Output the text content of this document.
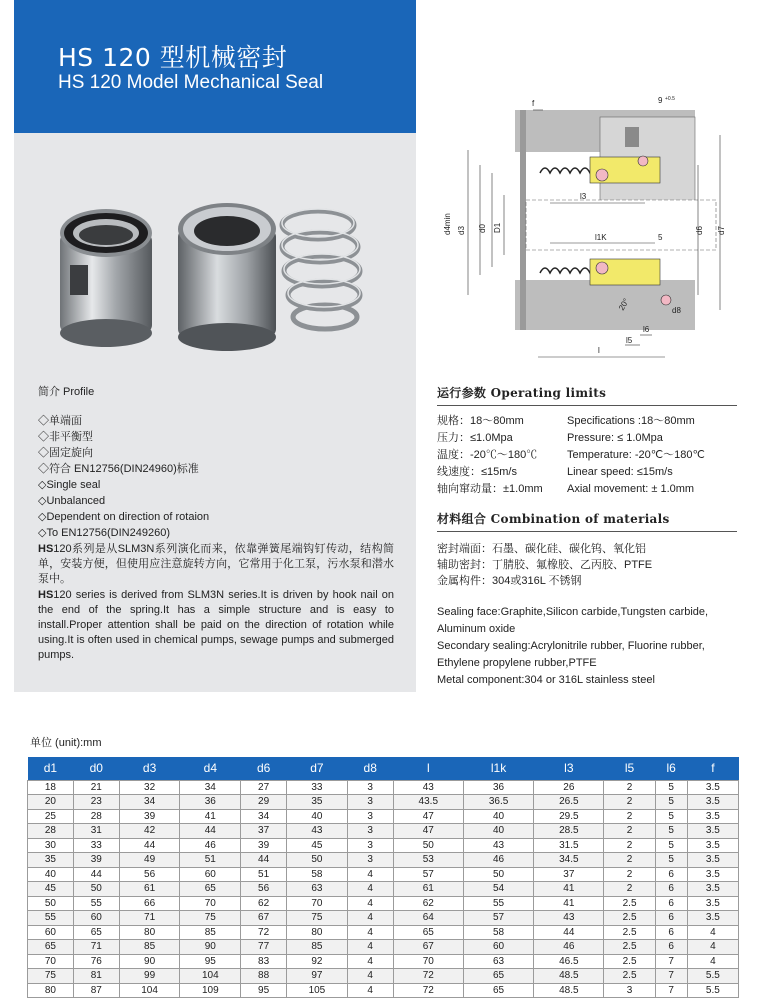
HS 120 型机械密封
HS 120 Model Mechanical Seal
f	9 +0.5
l3
l1K	5
d4min d3 d0 D1	d6 d7
20°	d8
l6
l5
l
简介 Profile
◇单端面
◇非平衡型
◇固定旋向
◇符合 EN12756(DIN24960)标准
◇Single seal
◇Unbalanced
◇Dependent on direction of rotaion
◇To EN12756(DIN249260)
HS120系列是从SLM3N系列演化而来，依靠弹簧尾端钩钉传动，结构简单，安装方便，但使用应注意旋转方向，它常用于化工泵，污水泵和潜水泵中。
HS120 series is derived from SLM3N series.It is driven by hook nail on the end of the spring.It has a simple structure and is easy to install.Proper attention shall be paid on the direction of rotation while using.It is often used in chemical pumps, sewage pumps and submerged pumps.
运行参数 Operating limits
规格：18～80mm	Specifications :18～80mm
压力：≤1.0Mpa	Pressure: ≤ 1.0Mpa
温度：-20℃～180℃	Temperature: -20℃～180℃
线速度：≤15m/s	Linear speed: ≤15m/s
轴向窜动量：±1.0mm	Axial movement: ± 1.0mm
材料组合 Combination of materials
密封端面：石墨、碳化硅、碳化钨、氧化铝
辅助密封：丁腈胶、氟橡胶、乙丙胶、PTFE
金属构件：304或316L 不锈钢
Sealing face:Graphite,Silicon carbide,Tungsten carbide, Aluminum oxide
Secondary sealing:Acrylonitrile rubber, Fluorine rubber, Ethylene propylene rubber,PTFE
Metal component:304 or 316L stainless steel
单位 (unit):mm
d1	d0	d3	d4	d6	d7	d8	l	l1k	l3	l5	l6	f
18	21	32	34	27	33	3	43	36	26	2	5	3.5
20	23	34	36	29	35	3	43.5	36.5	26.5	2	5	3.5
25	28	39	41	34	40	3	47	40	29.5	2	5	3.5
28	31	42	44	37	43	3	47	40	28.5	2	5	3.5
30	33	44	46	39	45	3	50	43	31.5	2	5	3.5
35	39	49	51	44	50	3	53	46	34.5	2	5	3.5
40	44	56	60	51	58	4	57	50	37	2	6	3.5
45	50	61	65	56	63	4	61	54	41	2	6	3.5
50	55	66	70	62	70	4	62	55	41	2.5	6	3.5
55	60	71	75	67	75	4	64	57	43	2.5	6	3.5
60	65	80	85	72	80	4	65	58	44	2.5	6	4
65	71	85	90	77	85	4	67	60	46	2.5	6	4
70	76	90	95	83	92	4	70	63	46.5	2.5	7	4
75	81	99	104	88	97	4	72	65	48.5	2.5	7	5.5
80	87	104	109	95	105	4	72	65	48.5	3	7	5.5
